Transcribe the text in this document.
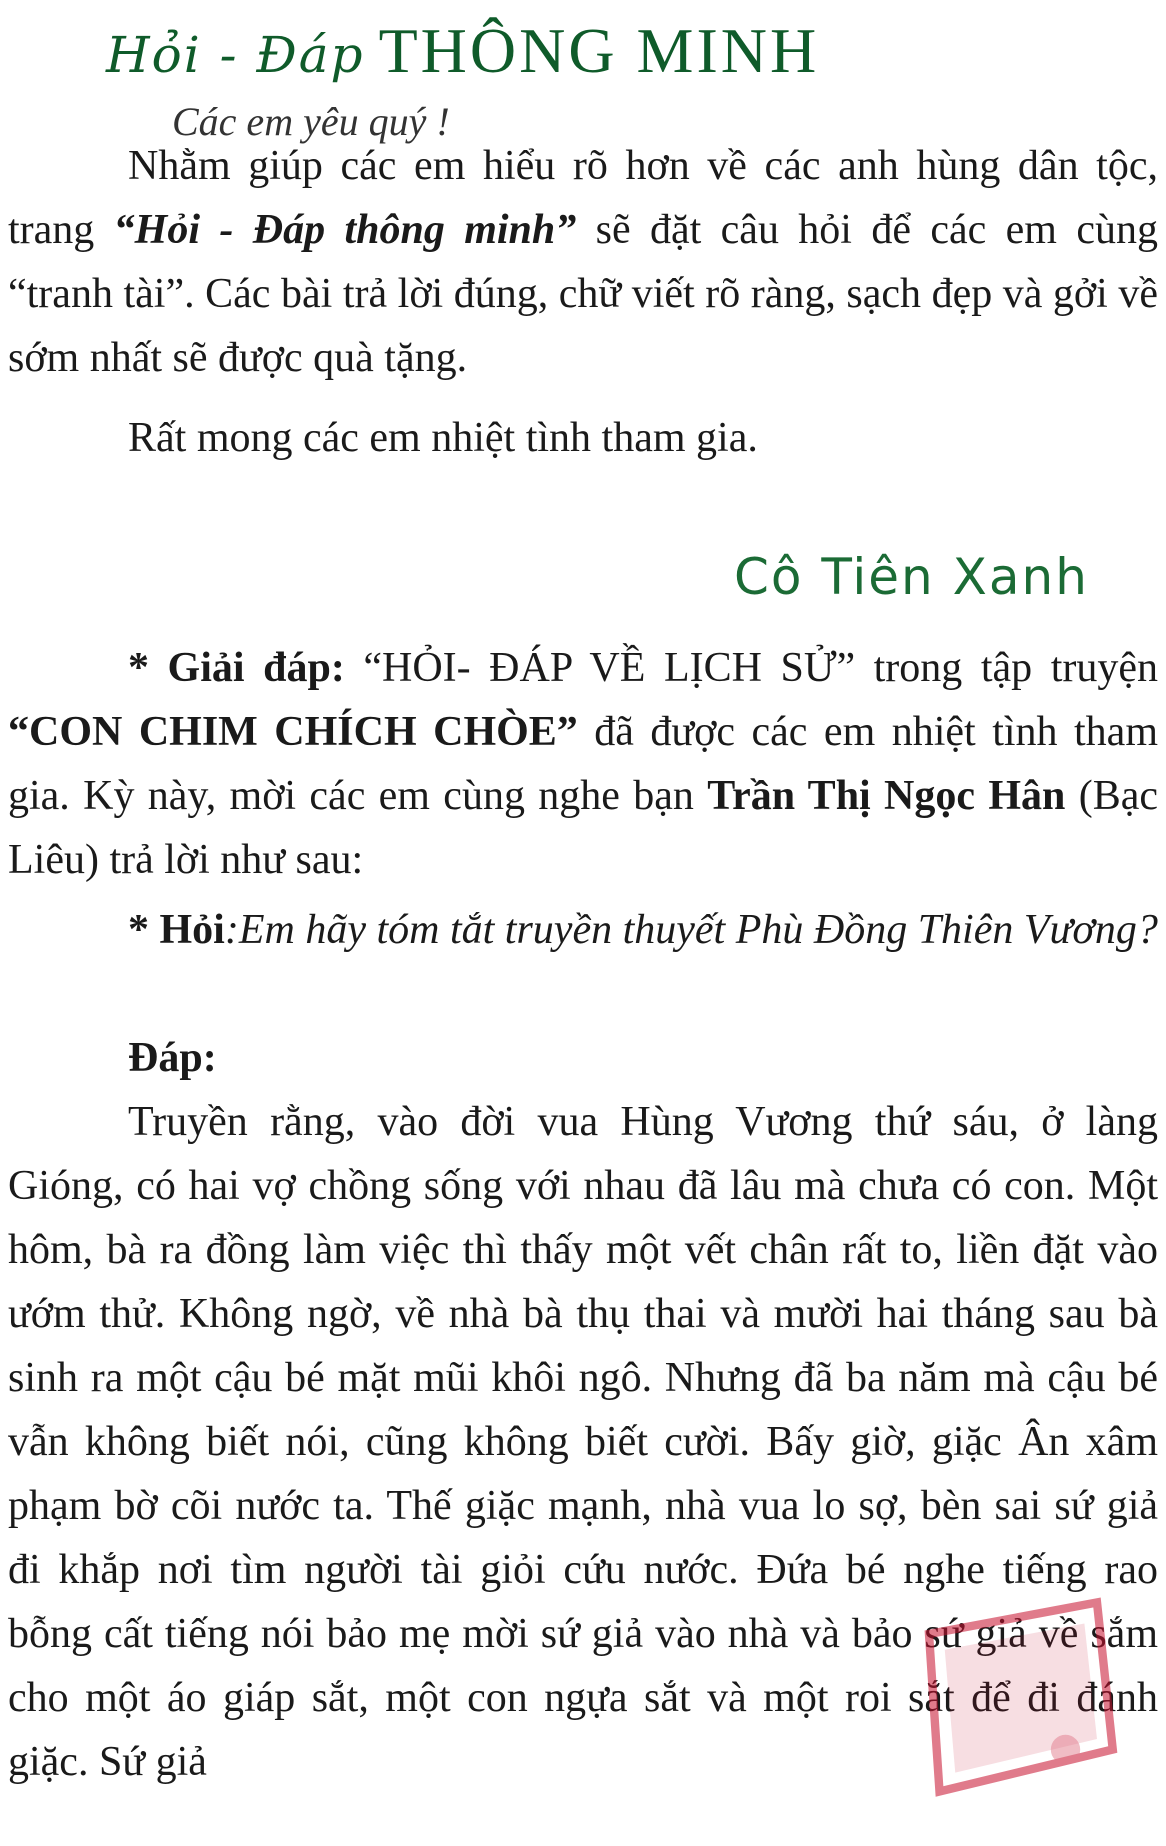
Hỏi - Đáp THÔNG MINH
Các em yêu quý !
Nhằm giúp các em hiểu rõ hơn về các anh hùng dân tộc, trang “Hỏi - Đáp thông minh” sẽ đặt câu hỏi để các em cùng “tranh tài”. Các bài trả lời đúng, chữ viết rõ ràng, sạch đẹp và gởi về sớm nhất sẽ được quà tặng.
Rất mong các em nhiệt tình tham gia.
Cô Tiên Xanh
* Giải đáp: “HỎI- ĐÁP VỀ LỊCH SỬ” trong tập truyện “CON CHIM CHÍCH CHÒE” đã được các em nhiệt tình tham gia. Kỳ này, mời các em cùng nghe bạn Trần Thị Ngọc Hân (Bạc Liêu) trả lời như sau:
* Hỏi:Em hãy tóm tắt truyền thuyết Phù Đồng Thiên Vương?
Đáp:
Truyền rằng, vào đời vua Hùng Vương thứ sáu, ở làng Gióng, có hai vợ chồng sống với nhau đã lâu mà chưa có con. Một hôm, bà ra đồng làm việc thì thấy một vết chân rất to, liền đặt vào ướm thử. Không ngờ, về nhà bà thụ thai và mười hai tháng sau bà sinh ra một cậu bé mặt mũi khôi ngô. Nhưng đã ba năm mà cậu bé vẫn không biết nói, cũng không biết cười. Bấy giờ, giặc Ân xâm phạm bờ cõi nước ta. Thế giặc mạnh, nhà vua lo sợ, bèn sai sứ giả đi khắp nơi tìm người tài giỏi cứu nước. Đứa bé nghe tiếng rao bỗng cất tiếng nói bảo mẹ mời sứ giả vào nhà và bảo sứ giả về sắm cho một áo giáp sắt, một con ngựa sắt và một roi sắt để đi đánh giặc. Sứ giả
